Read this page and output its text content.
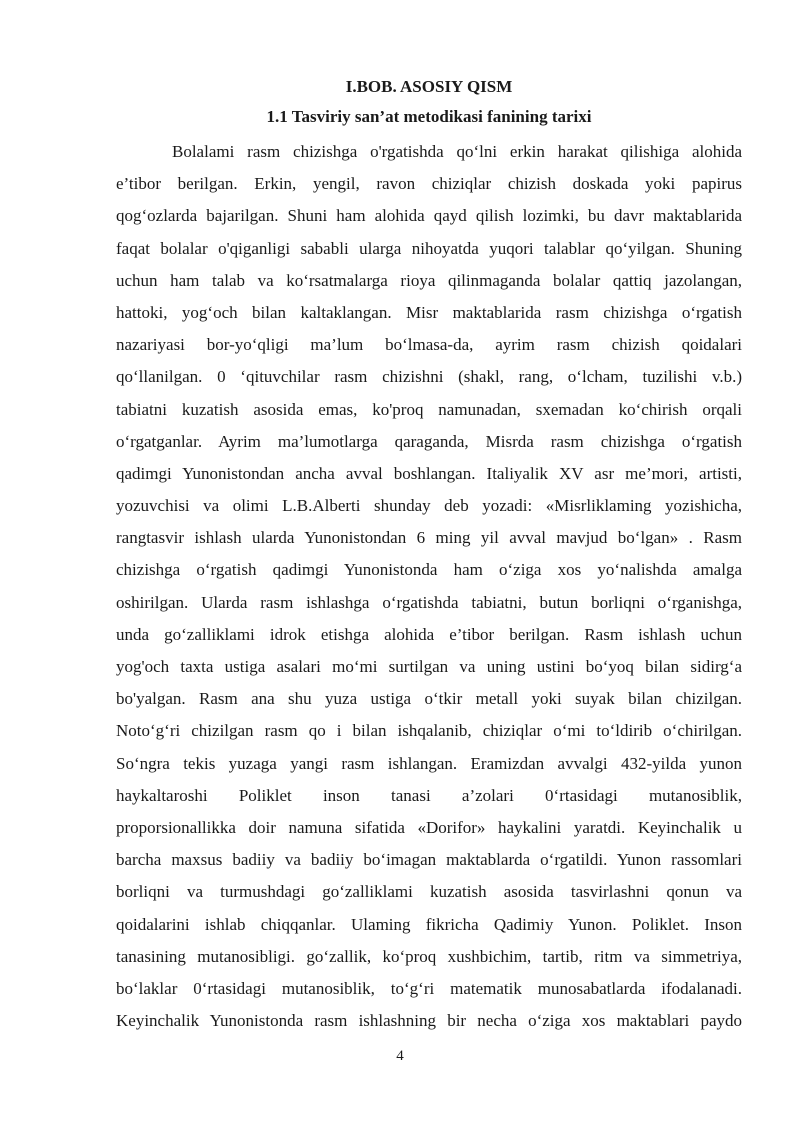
I.BOB. ASOSIY QISM

1.1 Tasviriy san’at metodikasi fanining tarixi

Bolalami rasm chizishga o'rgatishda qo‘lni erkin harakat qilishiga alohida
e’tibor berilgan. Erkin, yengil, ravon chiziqlar chizish doskada yoki papirus
qog‘ozlarda bajarilgan. Shuni ham alohida qayd qilish lozimki, bu davr maktablarida
faqat bolalar o'qiganligi sababli ularga nihoyatda yuqori talablar qo‘yilgan. Shuning
uchun ham talab va ko‘rsatmalarga rioya qilinmaganda bolalar qattiq jazolangan,
hattoki, yog‘och bilan kaltaklangan. Misr maktablarida rasm chizishga o‘rgatish
nazariyasi bor-yo‘qligi ma’lum bo‘lmasa-da, ayrim rasm chizish qoidalari
qo‘llanilgan. 0 ‘qituvchilar rasm chizishni (shakl, rang, o‘lcham, tuzilishi v.b.)
tabiatni kuzatish asosida emas, ko'proq namunadan, sxemadan ko‘chirish orqali
o‘rgatganlar. Ayrim ma’lumotlarga qaraganda, Misrda rasm chizishga o‘rgatish
qadimgi Yunonistondan ancha avval boshlangan. Italiyalik XV asr me’mori, artisti,
yozuvchisi va olimi L.B.Alberti shunday deb yozadi: «Misrliklaming yozishicha,
rangtasvir ishlash ularda Yunonistondan 6 ming yil avval mavjud bo‘lgan» . Rasm
chizishga o‘rgatish qadimgi Yunonistonda ham o‘ziga xos yo‘nalishda amalga
oshirilgan. Ularda rasm ishlashga o‘rgatishda tabiatni, butun borliqni o‘rganishga,
unda go‘zalliklami idrok etishga alohida e’tibor berilgan. Rasm ishlash uchun
yog'och taxta ustiga asalari mo‘mi surtilgan va uning ustini bo‘yoq bilan sidirg‘a
bo'yalgan. Rasm ana shu yuza ustiga o‘tkir metall yoki suyak bilan chizilgan.
Noto‘g‘ri chizilgan rasm qo i bilan ishqalanib, chiziqlar o‘mi to‘ldirib o‘chirilgan.
So‘ngra tekis yuzaga yangi rasm ishlangan. Eramizdan avvalgi 432-yilda yunon
haykaltaroshi Poliklet inson tanasi a’zolari 0‘rtasidagi mutanosiblik,
proporsionallikka doir namuna sifatida «Dorifor» haykalini yaratdi. Keyinchalik u
barcha maxsus badiiy va badiiy bo‘imagan maktablarda o‘rgatildi. Yunon rassomlari
borliqni va turmushdagi go‘zalliklami kuzatish asosida tasvirlashni qonun va
qoidalarini ishlab chiqqanlar. Ulaming fikricha Qadimiy Yunon. Poliklet. Inson
tanasining mutanosibligi. go‘zallik, ko‘proq xushbichim, tartib, ritm va simmetriya,
bo‘laklar 0‘rtasidagi mutanosiblik, to‘g‘ri matematik munosabatlarda ifodalanadi.
Keyinchalik Yunonistonda rasm ishlashning bir necha o‘ziga xos maktablari paydo
4
